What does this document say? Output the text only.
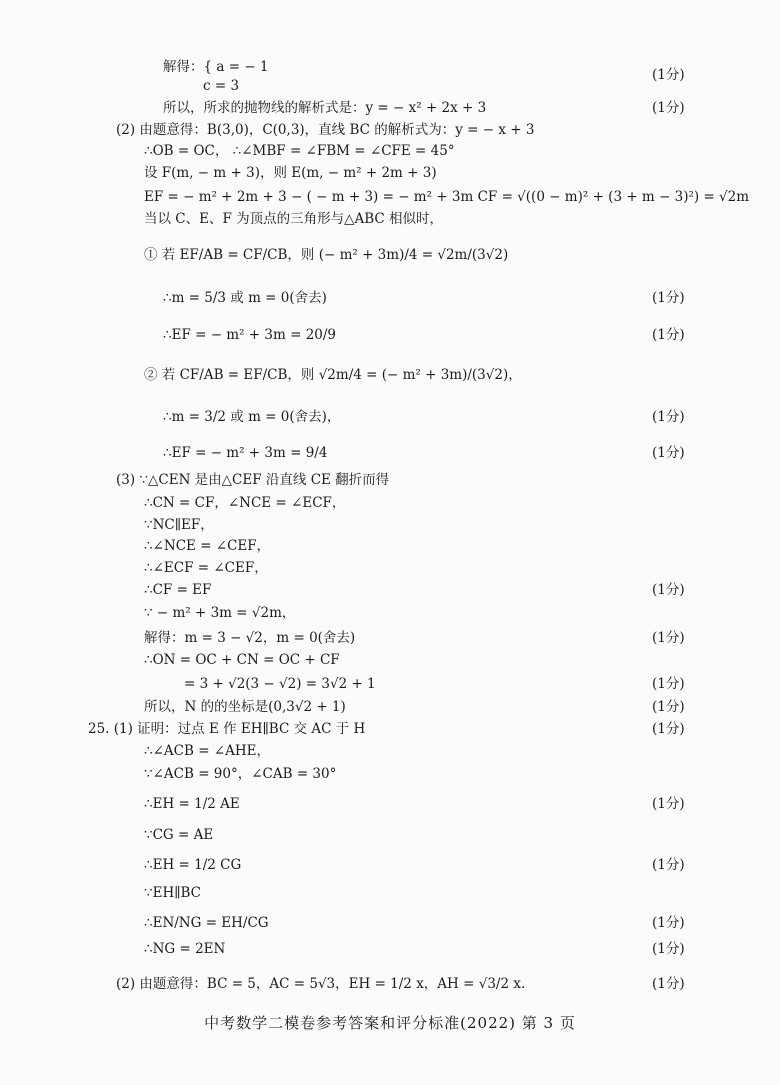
解得：{ a = − 1
c = 3
所以，所求的抛物线的解析式是：y = − x² + 2x + 3
(2) 由题意得：B(3,0)，C(0,3)，直线 BC 的解析式为：y = − x + 3
∴OB = OC， ∴∠MBF = ∠FBM = ∠CFE = 45°
设 F(m, − m + 3)，则 E(m, − m² + 2m + 3)
EF = − m² + 2m + 3 − ( − m + 3) = − m² + 3m CF = √((0 − m)² + (3 + m − 3)²) = √2m
当以 C、E、F 为顶点的三角形与△ABC 相似时，
① 若 EF/AB = CF/CB，则 (− m² + 3m)/4 = √2m/(3√2)
∴m = 5/3 或 m = 0(舍去)
∴EF = − m² + 3m = 20/9
② 若 CF/AB = EF/CB，则 √2m/4 = (− m² + 3m)/(3√2)，
∴m = 3/2 或 m = 0(舍去)，
∴EF = − m² + 3m = 9/4
(3) ∵△CEN 是由△CEF 沿直线 CE 翻折而得
∴CN = CF，∠NCE = ∠ECF，
∵NC∥EF，
∴∠NCE = ∠CEF，
∴∠ECF = ∠CEF，
∴CF = EF
∵ − m² + 3m = √2m，
解得：m = 3 − √2，m = 0(舍去)
∴ON = OC + CN = OC + CF
= 3 + √2(3 − √2) = 3√2 + 1
所以，N 的的坐标是(0,3√2 + 1)
25. (1) 证明：过点 E 作 EH∥BC 交 AC 于 H
∴∠ACB = ∠AHE，
∵∠ACB = 90°，∠CAB = 30°
∴EH = 1/2 AE
∵CG = AE
∴EH = 1/2 CG
∵EH∥BC
∴EN/NG = EH/CG
∴NG = 2EN
(2) 由题意得：BC = 5，AC = 5√3，EH = 1/2 x，AH = √3/2 x.
(1分)
(1分)
(1分)
(1分)
(1分)
(1分)
(1分)
(1分)
(1分)
(1分)
(1分)
(1分)
(1分)
(1分)
(1分)
(1分)
中考数学二模卷参考答案和评分标准(2022) 第 3 页
